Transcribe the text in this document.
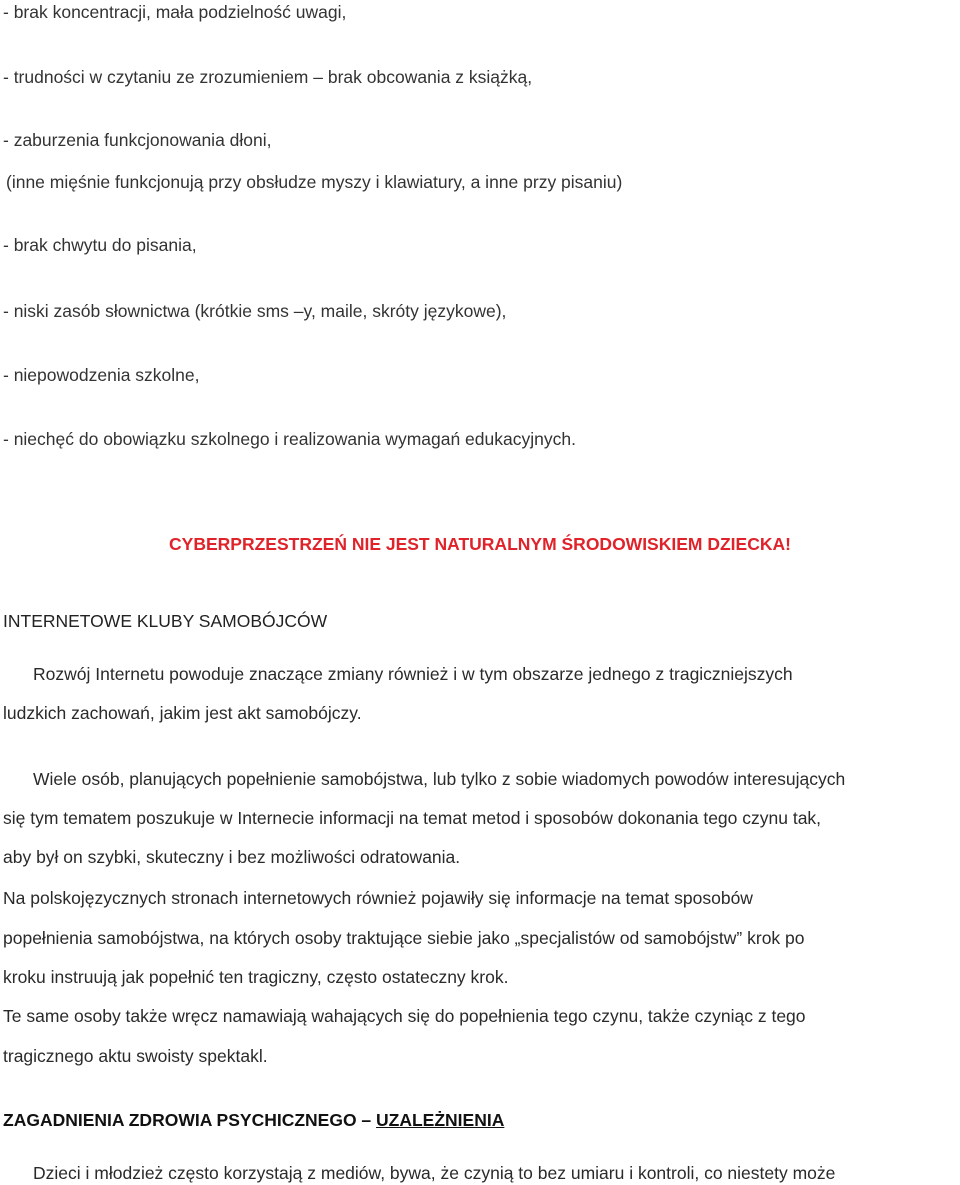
- brak koncentracji, mała podzielność uwagi,
- trudności w czytaniu ze zrozumieniem – brak obcowania z książką,
- zaburzenia funkcjonowania dłoni,
(inne mięśnie funkcjonują przy obsłudze myszy i klawiatury, a inne przy pisaniu)
- brak chwytu do pisania,
- niski zasób słownictwa (krótkie sms –y, maile, skróty językowe),
- niepowodzenia szkolne,
- niechęć do obowiązku szkolnego i realizowania wymagań edukacyjnych.
CYBERPRZESTRZEŃ NIE JEST NATURALNYM ŚRODOWISKIEM DZIECKA!
INTERNETOWE KLUBY SAMOBÓJCÓW
Rozwój Internetu powoduje znaczące zmiany również i w tym obszarze jednego z tragiczniejszych
ludzkich zachowań, jakim jest akt samobójczy.
Wiele osób, planujących popełnienie samobójstwa, lub tylko z sobie wiadomych powodów interesujących
się tym tematem poszukuje w Internecie informacji na temat metod i sposobów dokonania tego czynu tak,
aby był on szybki, skuteczny i bez możliwości odratowania.
Na polskojęzycznych stronach internetowych również pojawiły się informacje na temat sposobów
popełnienia samobójstwa, na których osoby traktujące siebie jako „specjalistów od samobójstw” krok po
kroku instruują jak popełnić ten tragiczny, często ostateczny krok.
Te same osoby także wręcz namawiają wahających się do popełnienia tego czynu, także czyniąc z tego
tragicznego aktu swoisty spektakl.
ZAGADNIENIA ZDROWIA PSYCHICZNEGO – UZALEŻNIENIA
Dzieci i młodzież często korzystają z mediów, bywa, że czynią to bez umiaru i kontroli, co niestety może
